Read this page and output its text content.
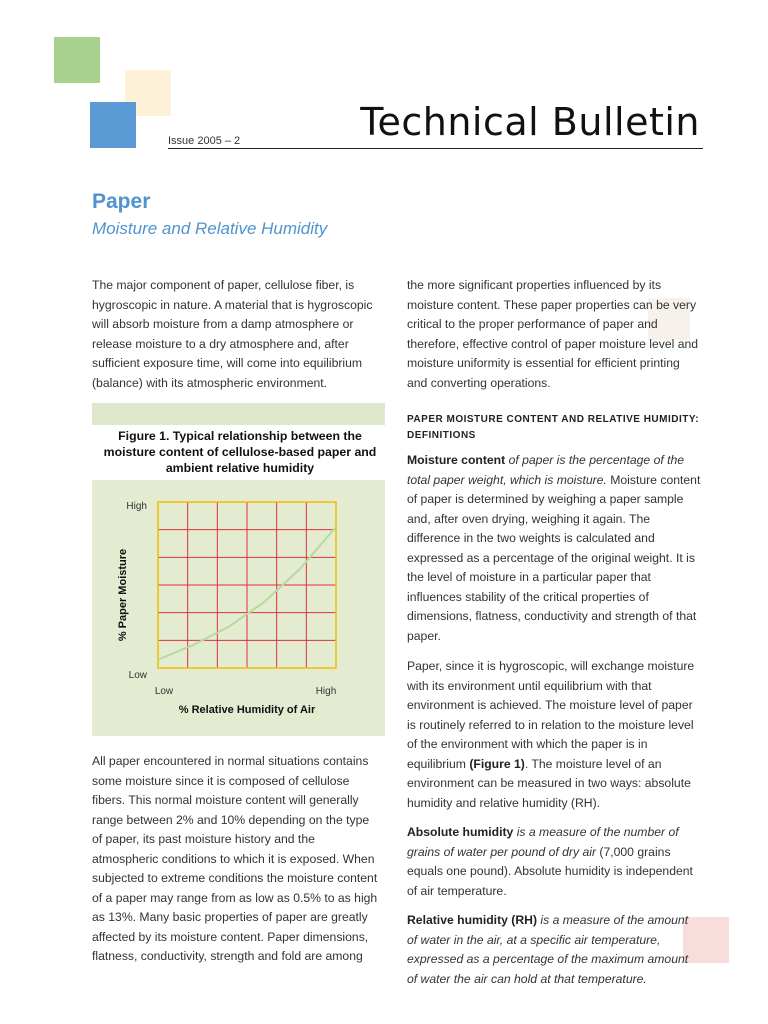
Technical Bulletin
Issue 2005 – 2
Paper
Moisture and Relative Humidity

The major component of paper, cellulose fiber, is hygroscopic in nature. A material that is hygroscopic will absorb moisture from a damp atmosphere or release moisture to a dry atmosphere and, after sufficient exposure time, will come into equilibrium (balance) with its atmospheric environment.

Figure 1. Typical relationship between the moisture content of cellulose-based paper and ambient relative humidity
High
Low
Low	High
% Relative Humidity of Air
% Paper Moisture

All paper encountered in normal situations contains some moisture since it is composed of cellulose fibers. This normal moisture content will generally range between 2% and 10% depending on the type of paper, its past moisture history and the atmospheric conditions to which it is exposed. When subjected to extreme conditions the moisture content of a paper may range from as low as 0.5% to as high as 13%. Many basic properties of paper are greatly affected by its moisture content. Paper dimensions, flatness, conductivity, strength and fold are among

the more significant properties influenced by its moisture content. These paper properties can be very critical to the proper performance of paper and therefore, effective control of paper moisture level and moisture uniformity is essential for efficient printing and converting operations.

PAPER MOISTURE CONTENT AND RELATIVE HUMIDITY: DEFINITIONS

Moisture content of paper is the percentage of the total paper weight, which is moisture. Moisture content of paper is determined by weighing a paper sample and, after oven drying, weighing it again. The difference in the two weights is calculated and expressed as a percentage of the original weight. It is the level of moisture in a particular paper that influences stability of the critical properties of dimensions, flatness, conductivity and strength of that paper.

Paper, since it is hygroscopic, will exchange moisture with its environment until equilibrium with that environment is achieved. The moisture level of paper is routinely referred to in relation to the moisture level of the environment with which the paper is in equilibrium (Figure 1). The moisture level of an environment can be measured in two ways: absolute humidity and relative humidity (RH).

Absolute humidity is a measure of the number of grains of water per pound of dry air (7,000 grains equals one pound). Absolute humidity is independent of air temperature.

Relative humidity (RH) is a measure of the amount of water in the air, at a specific air temperature, expressed as a percentage of the maximum amount of water the air can hold at that temperature.
